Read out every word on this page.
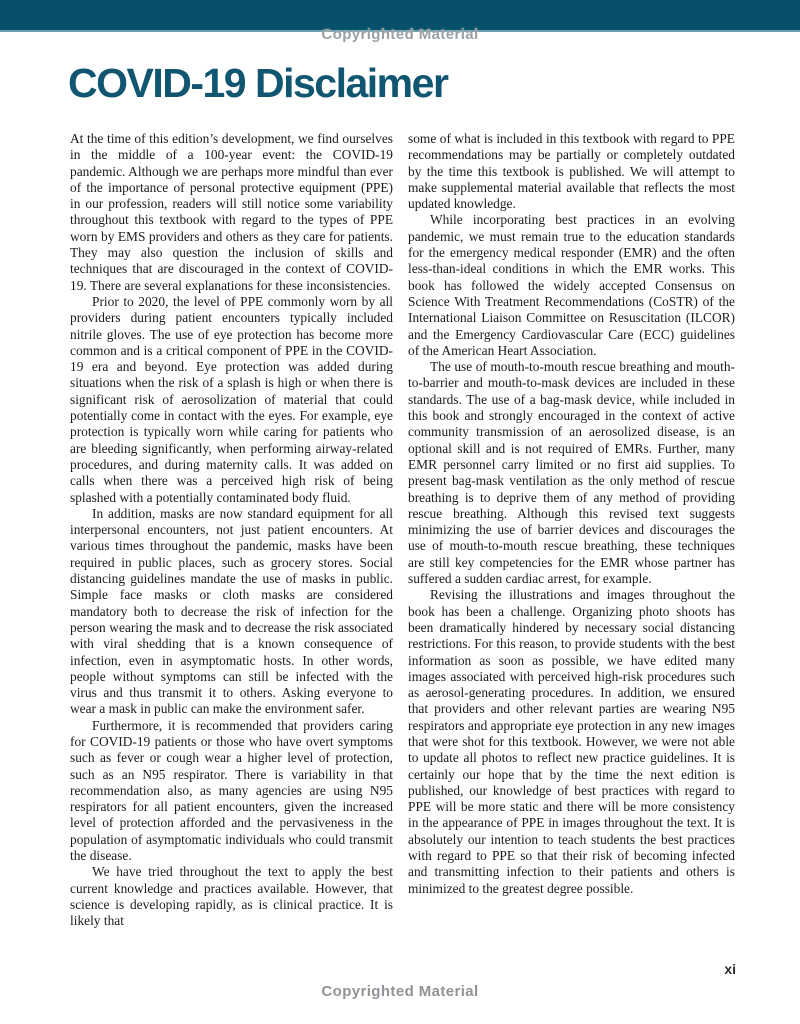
Copyrighted Material
COVID-19 Disclaimer

At the time of this edition’s development, we find ourselves in the middle of a 100-year event: the COVID-19 pandemic. Although we are perhaps more mindful than ever of the importance of personal protective equipment (PPE) in our profession, readers will still notice some variability throughout this textbook with regard to the types of PPE worn by EMS providers and others as they care for patients. They may also question the inclusion of skills and techniques that are discouraged in the context of COVID-19. There are several explanations for these inconsistencies.

Prior to 2020, the level of PPE commonly worn by all providers during patient encounters typically included nitrile gloves. The use of eye protection has become more common and is a critical component of PPE in the COVID-19 era and beyond. Eye protection was added during situations when the risk of a splash is high or when there is significant risk of aerosolization of material that could potentially come in contact with the eyes. For example, eye protection is typically worn while caring for patients who are bleeding significantly, when performing airway-related procedures, and during maternity calls. It was added on calls when there was a perceived high risk of being splashed with a potentially contaminated body fluid.

In addition, masks are now standard equipment for all interpersonal encounters, not just patient encounters. At various times throughout the pandemic, masks have been required in public places, such as grocery stores. Social distancing guidelines mandate the use of masks in public. Simple face masks or cloth masks are considered mandatory both to decrease the risk of infection for the person wearing the mask and to decrease the risk associated with viral shedding that is a known consequence of infection, even in asymptomatic hosts. In other words, people without symptoms can still be infected with the virus and thus transmit it to others. Asking everyone to wear a mask in public can make the environment safer.

Furthermore, it is recommended that providers caring for COVID-19 patients or those who have overt symptoms such as fever or cough wear a higher level of protection, such as an N95 respirator. There is variability in that recommendation also, as many agencies are using N95 respirators for all patient encounters, given the increased level of protection afforded and the pervasiveness in the population of asymptomatic individuals who could transmit the disease.

We have tried throughout the text to apply the best current knowledge and practices available. However, that science is developing rapidly, as is clinical practice. It is likely that

some of what is included in this textbook with regard to PPE recommendations may be partially or completely outdated by the time this textbook is published. We will attempt to make supplemental material available that reflects the most updated knowledge.

While incorporating best practices in an evolving pandemic, we must remain true to the education standards for the emergency medical responder (EMR) and the often less-than-ideal conditions in which the EMR works. This book has followed the widely accepted Consensus on Science With Treatment Recommendations (CoSTR) of the International Liaison Committee on Resuscitation (ILCOR) and the Emergency Cardiovascular Care (ECC) guidelines of the American Heart Association.

The use of mouth-to-mouth rescue breathing and mouth-to-barrier and mouth-to-mask devices are included in these standards. The use of a bag-mask device, while included in this book and strongly encouraged in the context of active community transmission of an aerosolized disease, is an optional skill and is not required of EMRs. Further, many EMR personnel carry limited or no first aid supplies. To present bag-mask ventilation as the only method of rescue breathing is to deprive them of any method of providing rescue breathing. Although this revised text suggests minimizing the use of barrier devices and discourages the use of mouth-to-mouth rescue breathing, these techniques are still key competencies for the EMR whose partner has suffered a sudden cardiac arrest, for example.

Revising the illustrations and images throughout the book has been a challenge. Organizing photo shoots has been dramatically hindered by necessary social distancing restrictions. For this reason, to provide students with the best information as soon as possible, we have edited many images associated with perceived high-risk procedures such as aerosol-generating procedures. In addition, we ensured that providers and other relevant parties are wearing N95 respirators and appropriate eye protection in any new images that were shot for this textbook. However, we were not able to update all photos to reflect new practice guidelines. It is certainly our hope that by the time the next edition is published, our knowledge of best practices with regard to PPE will be more static and there will be more consistency in the appearance of PPE in images throughout the text. It is absolutely our intention to teach students the best practices with regard to PPE so that their risk of becoming infected and transmitting infection to their patients and others is minimized to the greatest degree possible.

xi
Copyrighted Material
